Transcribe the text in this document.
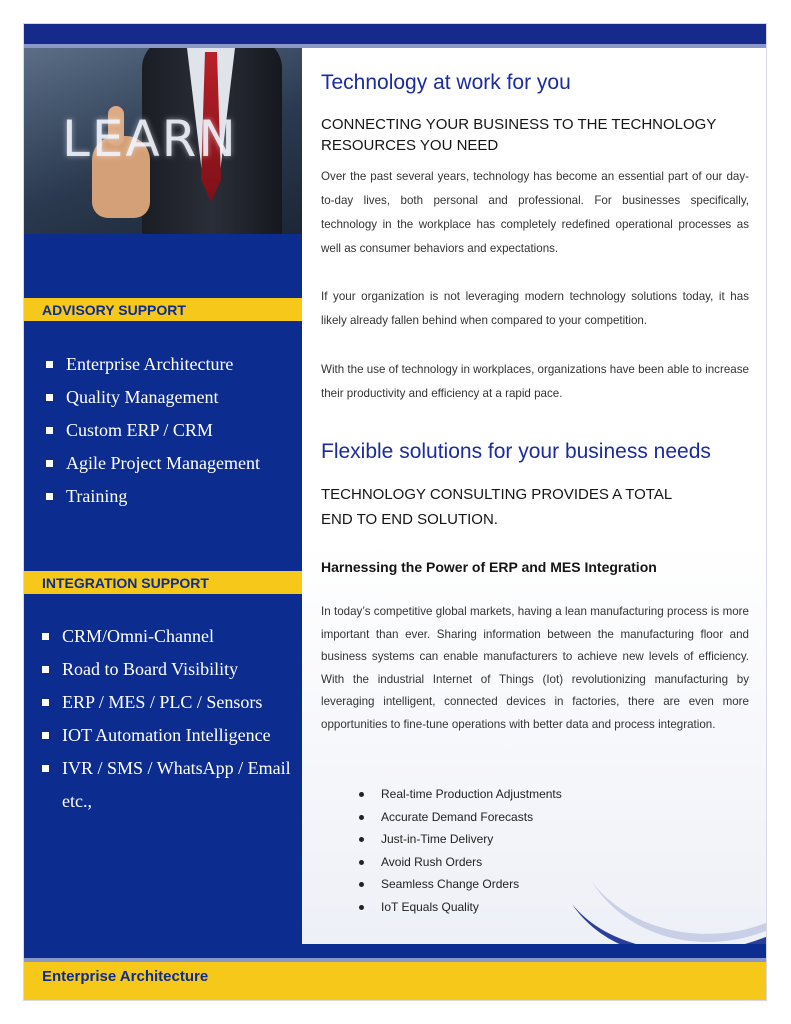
LEARN
ADVISORY SUPPORT
Enterprise Architecture
Quality Management
Custom ERP / CRM
Agile Project Management
Training
INTEGRATION SUPPORT
CRM/Omni-Channel
Road to Board Visibility
ERP / MES / PLC / Sensors
IOT Automation Intelligence
IVR / SMS / WhatsApp / Email etc.,
Technology at work for you
CONNECTING YOUR BUSINESS TO THE TECHNOLOGY RESOURCES YOU NEED
Over the past several years, technology has become an essential part of our day-to-day lives, both personal and professional. For businesses specifically, technology in the workplace has completely redefined operational processes as well as consumer behaviors and expectations.
If your organization is not leveraging modern technology solutions today, it has likely already fallen behind when compared to your competition.
With the use of technology in workplaces, organizations have been able to increase their productivity and efficiency at a rapid pace.
Flexible solutions for your business needs
TECHNOLOGY CONSULTING PROVIDES A TOTAL END TO END SOLUTION.
Harnessing the Power of ERP and MES Integration
In today’s competitive global markets, having a lean manufacturing process is more important than ever. Sharing information between the manufacturing floor and business systems can enable manufacturers to achieve new levels of efficiency. With the industrial Internet of Things (Iot) revolutionizing manufacturing by leveraging intelligent, connected devices in factories, there are even more opportunities to fine-tune operations with better data and process integration.
Real-time Production Adjustments
Accurate Demand Forecasts
Just-in-Time Delivery
Avoid Rush Orders
Seamless Change Orders
IoT Equals Quality
Enterprise Architecture
